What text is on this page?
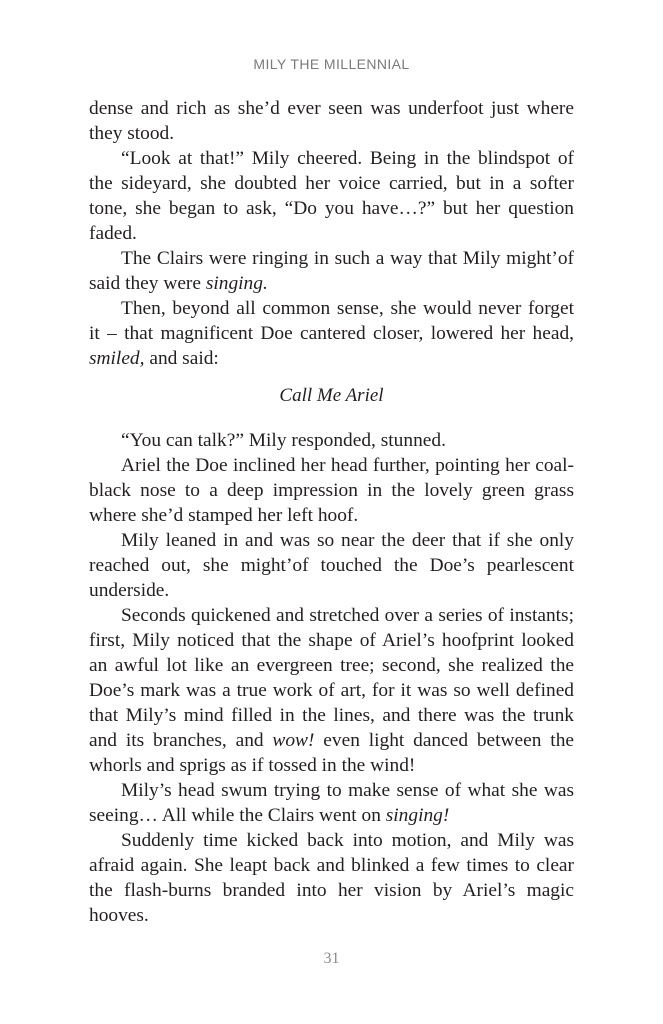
MILY THE MILLENNIAL

dense and rich as she’d ever seen was underfoot just where they stood.

“Look at that!” Mily cheered. Being in the blindspot of the sideyard, she doubted her voice carried, but in a softer tone, she began to ask, “Do you have…?” but her question faded.

The Clairs were ringing in such a way that Mily might’of said they were singing.

Then, beyond all common sense, she would never forget it – that magnificent Doe cantered closer, lowered her head, smiled, and said:

Call Me Ariel

“You can talk?” Mily responded, stunned.

Ariel the Doe inclined her head further, pointing her coal-black nose to a deep impression in the lovely green grass where she’d stamped her left hoof.

Mily leaned in and was so near the deer that if she only reached out, she might’of touched the Doe’s pearlescent underside.

Seconds quickened and stretched over a series of instants; first, Mily noticed that the shape of Ariel’s hoofprint looked an awful lot like an evergreen tree; second, she realized the Doe’s mark was a true work of art, for it was so well defined that Mily’s mind filled in the lines, and there was the trunk and its branches, and wow! even light danced between the whorls and sprigs as if tossed in the wind!

Mily’s head swum trying to make sense of what she was seeing… All while the Clairs went on singing!

Suddenly time kicked back into motion, and Mily was afraid again. She leapt back and blinked a few times to clear the flash-burns branded into her vision by Ariel’s magic hooves.

31
